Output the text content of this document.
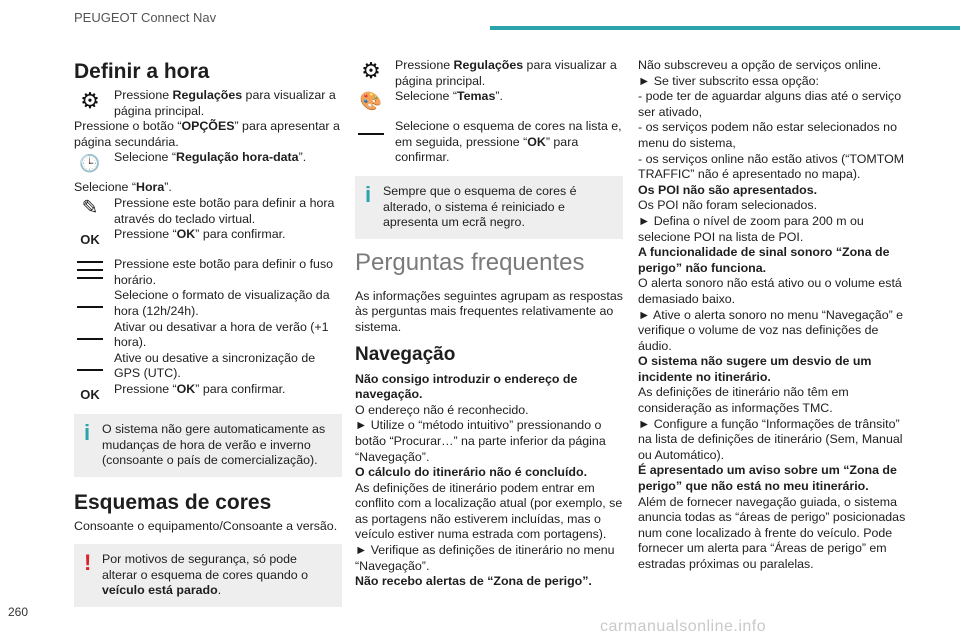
PEUGEOT Connect Nav
Definir a hora
⚙	Pressione Regulações para visualizar a página principal.

Pressione o botão “OPÇÕES” para apresentar a página secundária.

🕒 Selecione “Regulação hora-data”.

Selecione “Hora”.

✎	Pressione este botão para definir a hora através do teclado virtual.

OK	Pressione “OK” para confirmar.

Pressione este botão para definir o fuso horário.

Selecione o formato de visualização da hora (12h/24h).

Ativar ou desativar a hora de verão (+1 hora).

Ative ou desative a sincronização de GPS (UTC).

OK	Pressione “OK” para confirmar.

i O sistema não gere automaticamente as mudanças de hora de verão e inverno (consoante o país de comercialização).

Esquemas de cores

Consoante o equipamento/Consoante a versão.

! Por motivos de segurança, só pode alterar o esquema de cores quando o veículo está parado.

⚙	Pressione Regulações para visualizar a página principal.

🎨 Selecione “Temas”.

Selecione o esquema de cores na lista e, em seguida, pressione “OK” para confirmar.

i Sempre que o esquema de cores é alterado, o sistema é reiniciado e apresenta um ecrã negro.

Perguntas frequentes

As informações seguintes agrupam as respostas às perguntas mais frequentes relativamente ao sistema.

Navegação

Não consigo introduzir o endereço de navegação.

O endereço não é reconhecido.

► Utilize o “método intuitivo” pressionando o botão “Procurar…” na parte inferior da página “Navegação”.

O cálculo do itinerário não é concluído.

As definições de itinerário podem entrar em conflito com a localização atual (por exemplo, se as portagens não estiverem incluídas, mas o veículo estiver numa estrada com portagens).

► Verifique as definições de itinerário no menu “Navegação”.

Não recebo alertas de “Zona de perigo”.

Não subscreveu a opção de serviços online.

► Se tiver subscrito essa opção:

- pode ter de aguardar alguns dias até o serviço ser ativado,

- os serviços podem não estar selecionados no menu do sistema,

- os serviços online não estão ativos (“TOMTOM TRAFFIC” não é apresentado no mapa).

Os POI não são apresentados.

Os POI não foram selecionados.

► Defina o nível de zoom para 200 m ou selecione POI na lista de POI.

A funcionalidade de sinal sonoro “Zona de perigo” não funciona.

O alerta sonoro não está ativo ou o volume está demasiado baixo.

► Ative o alerta sonoro no menu “Navegação” e verifique o volume de voz nas definições de áudio.

O sistema não sugere um desvio de um incidente no itinerário.

As definições de itinerário não têm em consideração as informações TMC.

► Configure a função “Informações de trânsito” na lista de definições de itinerário (Sem, Manual ou Automático).

É apresentado um aviso sobre um “Zona de perigo” que não está no meu itinerário.

Além de fornecer navegação guiada, o sistema anuncia todas as “áreas de perigo” posicionadas num cone localizado à frente do veículo. Pode fornecer um alerta para “Áreas de perigo” em estradas próximas ou paralelas.

260
carmanualsonline.info
